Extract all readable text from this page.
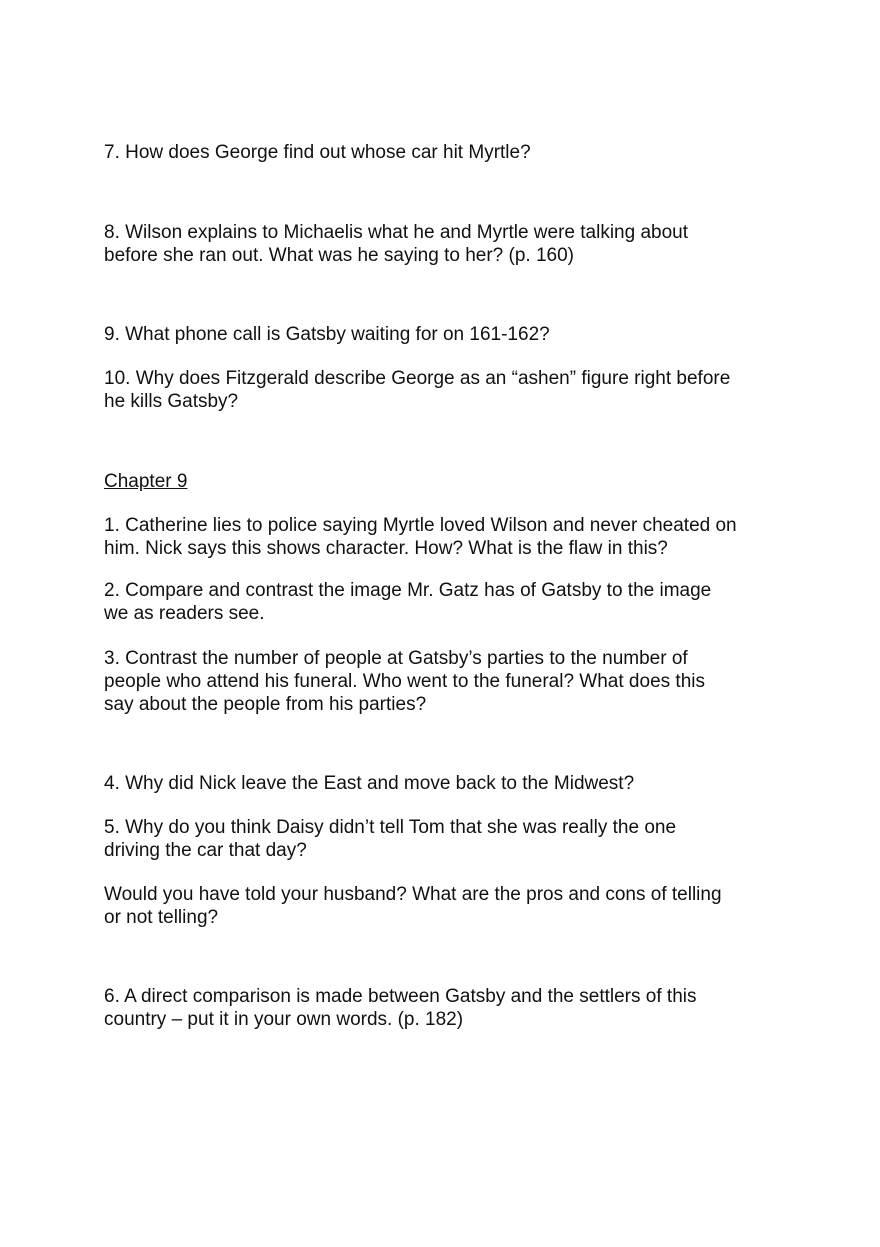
7. How does George find out whose car hit Myrtle?

8. Wilson explains to Michaelis what he and Myrtle were talking about
before she ran out. What was he saying to her? (p. 160)

9. What phone call is Gatsby waiting for on 161-162?

10. Why does Fitzgerald describe George as an “ashen” figure right before
he kills Gatsby?

Chapter 9

1. Catherine lies to police saying Myrtle loved Wilson and never cheated on
him. Nick says this shows character. How? What is the flaw in this?

2. Compare and contrast the image Mr. Gatz has of Gatsby to the image
we as readers see.

3. Contrast the number of people at Gatsby’s parties to the number of
people who attend his funeral. Who went to the funeral? What does this
say about the people from his parties?

4. Why did Nick leave the East and move back to the Midwest?

5. Why do you think Daisy didn’t tell Tom that she was really the one
driving the car that day?

Would you have told your husband? What are the pros and cons of telling
or not telling?

6. A direct comparison is made between Gatsby and the settlers of this
country – put it in your own words. (p. 182)
